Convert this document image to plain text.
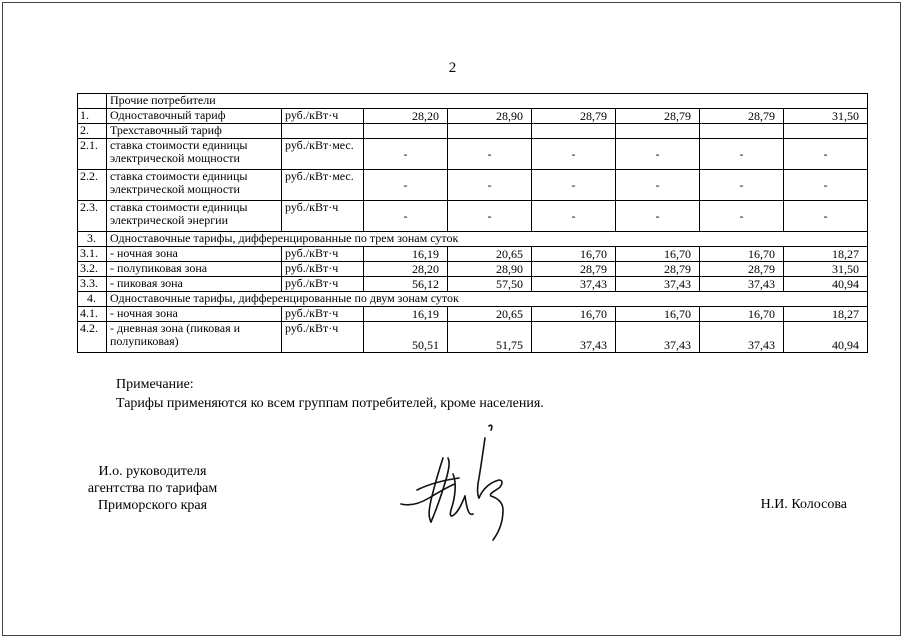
2
	Прочие потребители							
1.	Одноставочный тариф	руб./кВт·ч	28,20	28,90	28,79	28,79	28,79	31,50
2.	Трехставочный тариф							
2.1.	ставка стоимости единицы электрической мощности	руб./кВт·мес.	-	-	-	-	-	-
2.2.	ставка стоимости единицы электрической мощности	руб./кВт·мес.	-	-	-	-	-	-
2.3.	ставка стоимости единицы электрической энергии	руб./кВт·ч	-	-	-	-	-	-
3.	Одноставочные тарифы, дифференцированные по трем зонам суток							
3.1.	- ночная зона	руб./кВт·ч	16,19	20,65	16,70	16,70	16,70	18,27
3.2.	- полупиковая зона	руб./кВт·ч	28,20	28,90	28,79	28,79	28,79	31,50
3.3.	- пиковая зона	руб./кВт·ч	56,12	57,50	37,43	37,43	37,43	40,94
4.	Одноставочные тарифы, дифференцированные по двум зонам суток							
4.1.	- ночная зона	руб./кВт·ч	16,19	20,65	16,70	16,70	16,70	18,27
4.2.	- дневная зона (пиковая и полупиковая)	руб./кВт·ч	50,51	51,75	37,43	37,43	37,43	40,94
Примечание:
Тарифы применяются ко всем группам потребителей, кроме населения.
И.о. руководителя
агентства по тарифам
Приморского края	Н.И. Колосова
